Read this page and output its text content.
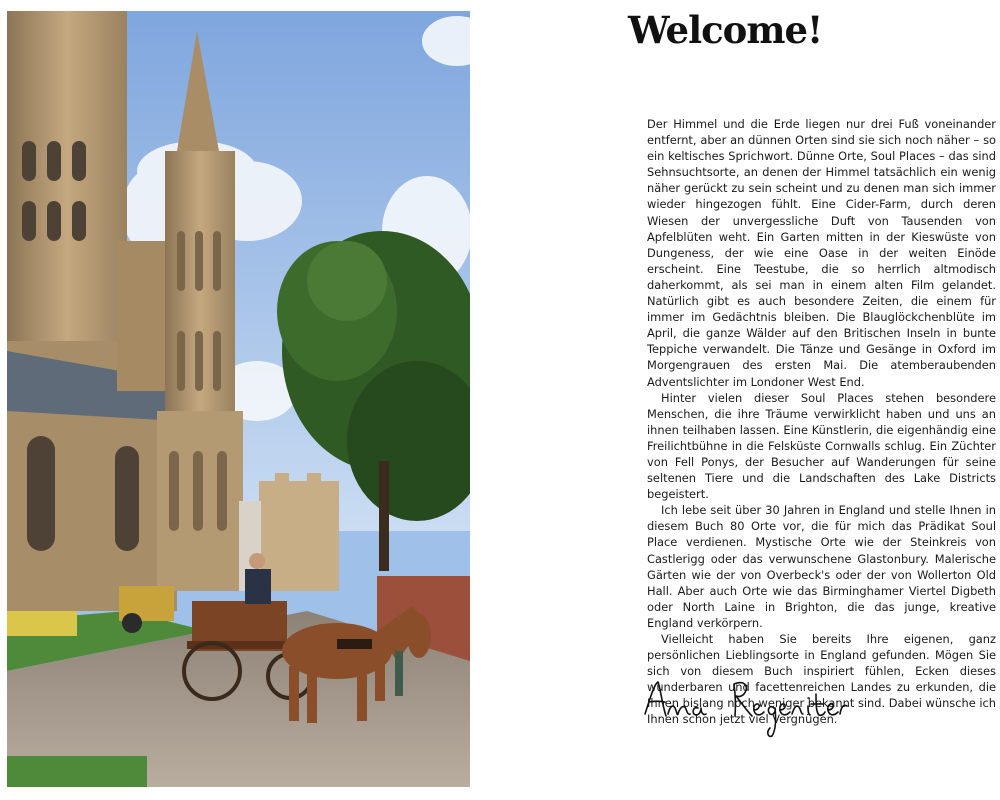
Welcome!

Der Himmel und die Erde liegen nur drei Fuß voneinander entfernt, aber an dünnen Orten sind sie sich noch näher – so ein keltisches Sprichwort. Dünne Orte, Soul Places – das sind Sehnsuchtsorte, an denen der Himmel tatsächlich ein wenig näher gerückt zu sein scheint und zu denen man sich immer wieder hingezogen fühlt. Eine Cider-Farm, durch deren Wiesen der unvergessliche Duft von Tausenden von Apfelblüten weht. Ein Garten mitten in der Kieswüste von Dungeness, der wie eine Oase in der weiten Einöde erscheint. Eine Teestube, die so herrlich altmodisch daherkommt, als sei man in einem alten Film gelandet. Natürlich gibt es auch besondere Zeiten, die einem für immer im Gedächtnis bleiben. Die Blauglöckchenblüte im April, die ganze Wälder auf den Britischen Inseln in bunte Teppiche verwandelt. Die Tänze und Gesänge in Oxford im Morgengrauen des ersten Mai. Die atemberaubenden Adventslichter im Londoner West End.

Hinter vielen dieser Soul Places stehen besondere Menschen, die ihre Träume verwirklicht haben und uns an ihnen teilhaben lassen. Eine Künstlerin, die eigenhändig eine Freilichtbühne in die Felsküste Cornwalls schlug. Ein Züchter von Fell Ponys, der Besucher auf Wanderungen für seine seltenen Tiere und die Landschaften des Lake Districts begeistert.

Ich lebe seit über 30 Jahren in England und stelle Ihnen in diesem Buch 80 Orte vor, die für mich das Prädikat Soul Place verdienen. Mystische Orte wie der Steinkreis von Castlerigg oder das verwunschene Glastonbury. Malerische Gärten wie der von Overbeck's oder der von Wollerton Old Hall. Aber auch Orte wie das Birminghamer Viertel Digbeth oder North Laine in Brighton, die das junge, kreative England verkörpern.

Vielleicht haben Sie bereits Ihre eigenen, ganz persönlichen Lieblingsorte in England gefunden. Mögen Sie sich von diesem Buch inspiriert fühlen, Ecken dieses wunderbaren und facettenreichen Landes zu erkunden, die Ihnen bislang noch weniger bekannt sind. Dabei wünsche ich Ihnen schon jetzt viel Vergnügen.
